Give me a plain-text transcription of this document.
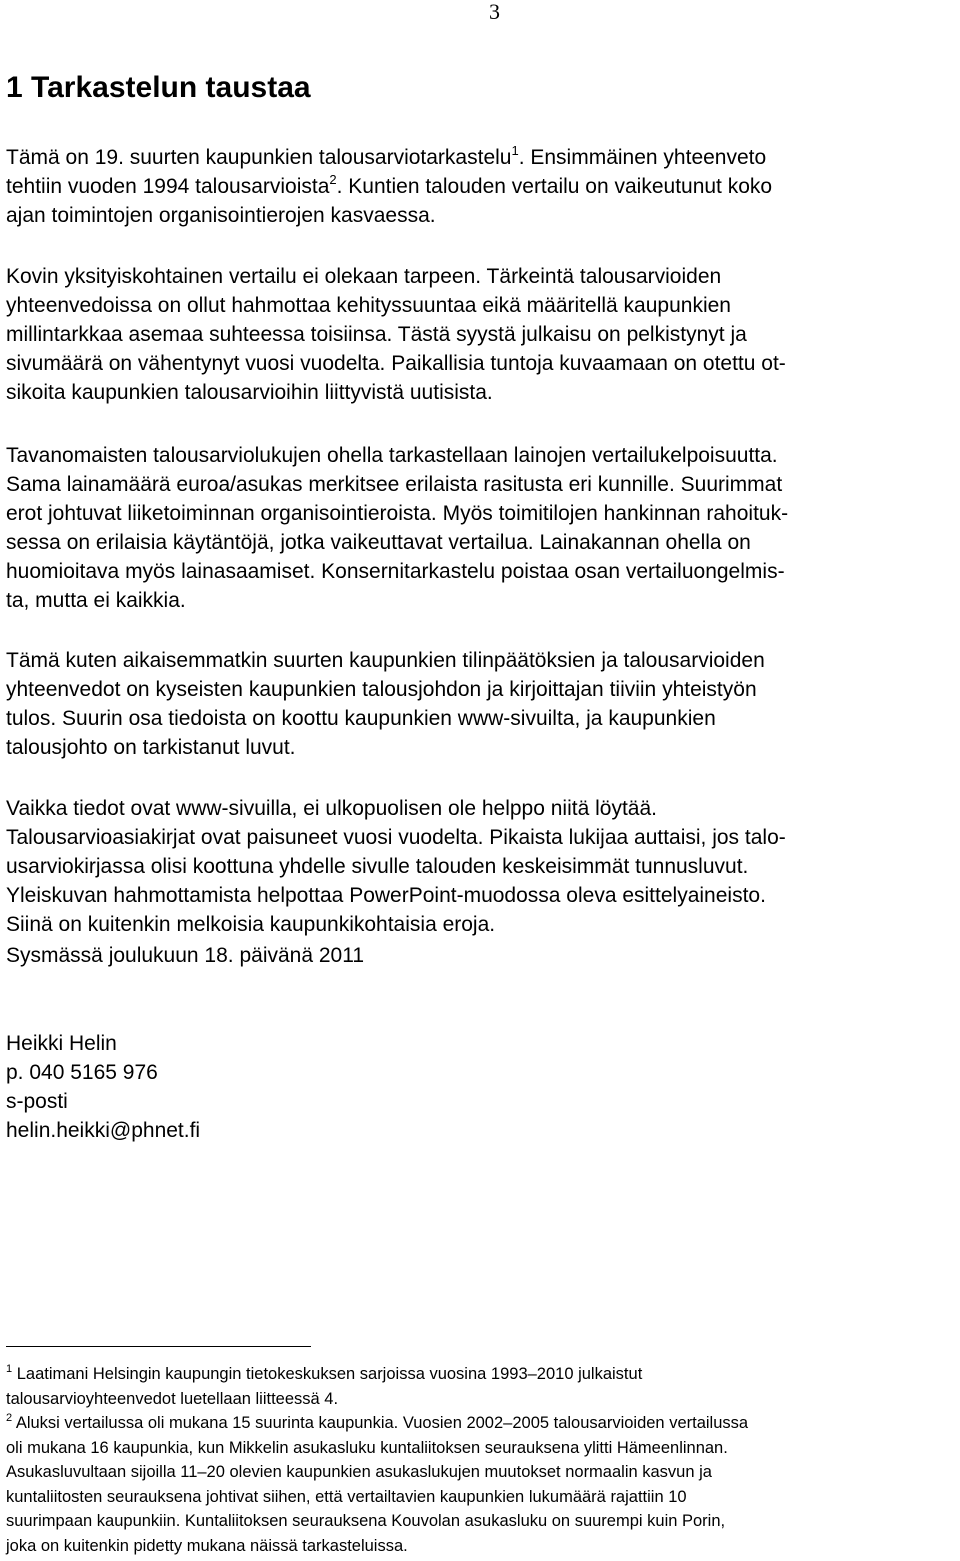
3
1 Tarkastelun taustaa

Tämä on 19. suurten kaupunkien talousarviotarkastelu$^1$. Ensimmäinen yhteenveto
tehtiin vuoden 1994 talousarvioista$^2$. Kuntien talouden vertailu on vaikeutunut koko
ajan toimintojen organisointierojen kasvaessa.

Kovin yksityiskohtainen vertailu ei olekaan tarpeen. Tärkeintä talousarvioiden
yhteenvedoissa on ollut hahmottaa kehityssuuntaa eikä määritellä kaupunkien
millintarkkaa asemaa suhteessa toisiinsa. Tästä syystä julkaisu on pelkistynyt ja
sivumäärä on vähentynyt vuosi vuodelta. Paikallisia tuntoja kuvaamaan on otettu ot-
sikoita kaupunkien talousarvioihin liittyvistä uutisista.

Tavanomaisten talousarviolukujen ohella tarkastellaan lainojen vertailukelpoisuutta.
Sama lainamäärä euroa/asukas merkitsee erilaista rasitusta eri kunnille. Suurimmat
erot johtuvat liiketoiminnan organisointieroista. Myös toimitilojen hankinnan rahoituk-
sessa on erilaisia käytäntöjä, jotka vaikeuttavat vertailua. Lainakannan ohella on
huomioitava myös lainasaamiset. Konsernitarkastelu poistaa osan vertailuongelmis-
ta, mutta ei kaikkia.

Tämä kuten aikaisemmatkin suurten kaupunkien tilinpäätöksien ja talousarvioiden
yhteenvedot on kyseisten kaupunkien talousjohdon ja kirjoittajan tiiviin yhteistyön
tulos. Suurin osa tiedoista on koottu kaupunkien www-sivuilta, ja kaupunkien
talousjohto on tarkistanut luvut.

Vaikka tiedot ovat www-sivuilla, ei ulkopuolisen ole helppo niitä löytää.
Talousarvioasiakirjat ovat paisuneet vuosi vuodelta. Pikaista lukijaa auttaisi, jos talo-
usarviokirjassa olisi koottuna yhdelle sivulle talouden keskeisimmät tunnusluvut.
Yleiskuvan hahmottamista helpottaa PowerPoint-muodossa oleva esittelyaineisto.
Siinä on kuitenkin melkoisia kaupunkikohtaisia eroja.

Sysmässä joulukuun 18. päivänä 2011

Heikki Helin
p. 040 5165 976
s-posti
helin.heikki@phnet.fi

$^1$ Laatimani Helsingin kaupungin tietokeskuksen sarjoissa vuosina 1993–2010 julkaistut
talousarvioyhteenvedot luetellaan liitteessä 4.

$^2$ Aluksi vertailussa oli mukana 15 suurinta kaupunkia. Vuosien 2002–2005 talousarvioiden vertailussa
oli mukana 16 kaupunkia, kun Mikkelin asukasluku kuntaliitoksen seurauksena ylitti Hämeenlinnan.
Asukasluvultaan sijoilla 11–20 olevien kaupunkien asukaslukujen muutokset normaalin kasvun ja
kuntaliitosten seurauksena johtivat siihen, että vertailtavien kaupunkien lukumäärä rajattiin 10
suurimpaan kaupunkiin. Kuntaliitoksen seurauksena Kouvolan asukasluku on suurempi kuin Porin,
joka on kuitenkin pidetty mukana näissä tarkasteluissa.
